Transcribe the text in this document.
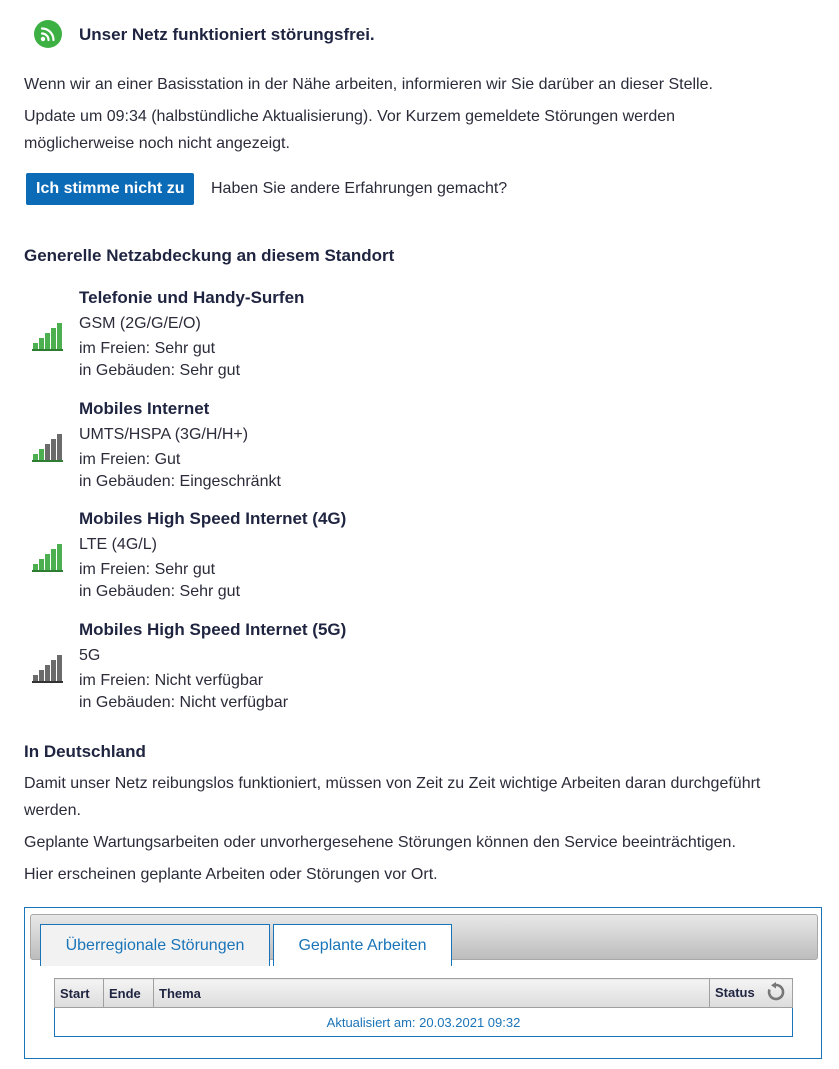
Unser Netz funktioniert störungsfrei.
Wenn wir an einer Basisstation in der Nähe arbeiten, informieren wir Sie darüber an dieser Stelle.
Update um 09:34 (halbstündliche Aktualisierung). Vor Kurzem gemeldete Störungen werden möglicherweise noch nicht angezeigt.
Ich stimme nicht zu	Haben Sie andere Erfahrungen gemacht?
Generelle Netzabdeckung an diesem Standort
Telefonie und Handy-Surfen
GSM (2G/G/E/O)
im Freien: Sehr gut
in Gebäuden: Sehr gut
Mobiles Internet
UMTS/HSPA (3G/H/H+)
im Freien: Gut
in Gebäuden: Eingeschränkt
Mobiles High Speed Internet (4G)
LTE (4G/L)
im Freien: Sehr gut
in Gebäuden: Sehr gut
Mobiles High Speed Internet (5G)
5G
im Freien: Nicht verfügbar
in Gebäuden: Nicht verfügbar
In Deutschland
Damit unser Netz reibungslos funktioniert, müssen von Zeit zu Zeit wichtige Arbeiten daran durchgeführt werden.
Geplante Wartungsarbeiten oder unvorhergesehene Störungen können den Service beeinträchtigen.
Hier erscheinen geplante Arbeiten oder Störungen vor Ort.
Überregionale Störungen	Geplante Arbeiten
Start	Ende	Thema	Status
Aktualisiert am: 20.03.2021 09:32
